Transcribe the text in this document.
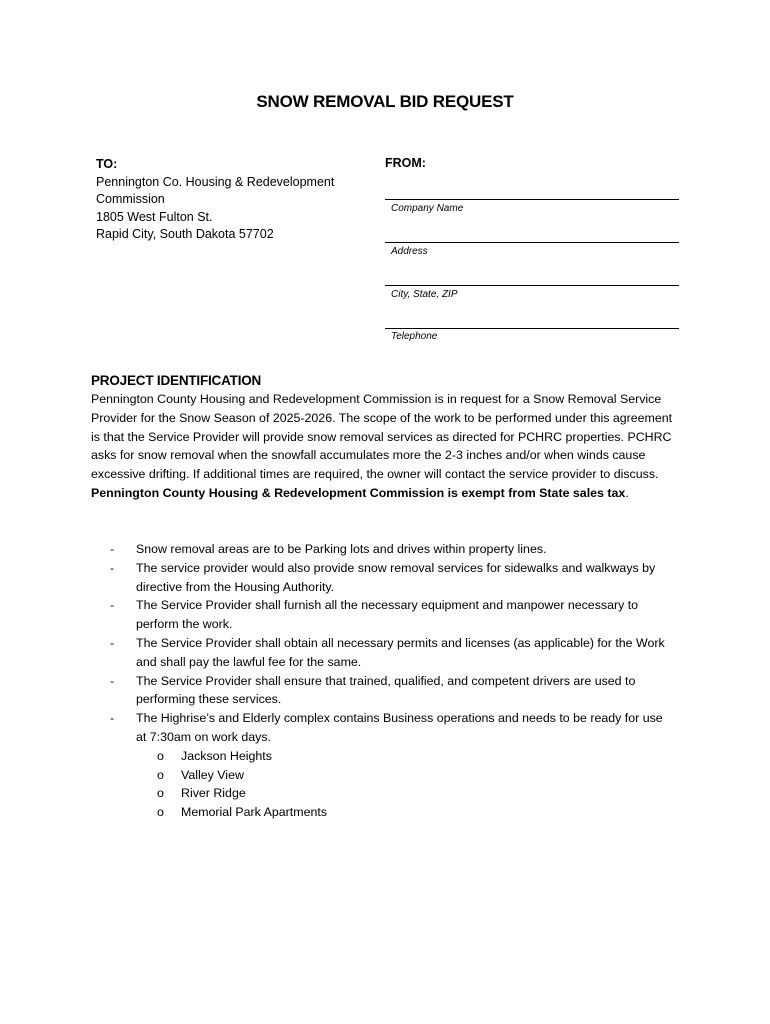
SNOW REMOVAL BID REQUEST
TO:
Pennington Co. Housing & Redevelopment
Commission
1805 West Fulton St.
Rapid City, South Dakota 57702
FROM:
Company Name
Address
City, State, ZIP
Telephone
PROJECT IDENTIFICATION
Pennington County Housing and Redevelopment Commission is in request for a Snow Removal Service Provider for the Snow Season of 2025-2026. The scope of the work to be performed under this agreement is that the Service Provider will provide snow removal services as directed for PCHRC properties. PCHRC asks for snow removal when the snowfall accumulates more the 2-3 inches and/or when winds cause excessive drifting. If additional times are required, the owner will contact the service provider to discuss. Pennington County Housing & Redevelopment Commission is exempt from State sales tax.
- Snow removal areas are to be Parking lots and drives within property lines.
- The service provider would also provide snow removal services for sidewalks and walkways by directive from the Housing Authority.
- The Service Provider shall furnish all the necessary equipment and manpower necessary to perform the work.
- The Service Provider shall obtain all necessary permits and licenses (as applicable) for the Work and shall pay the lawful fee for the same.
- The Service Provider shall ensure that trained, qualified, and competent drivers are used to performing these services.
- The Highrise’s and Elderly complex contains Business operations and needs to be ready for use at 7:30am on work days.
o Jackson Heights
o Valley View
o River Ridge
o Memorial Park Apartments
